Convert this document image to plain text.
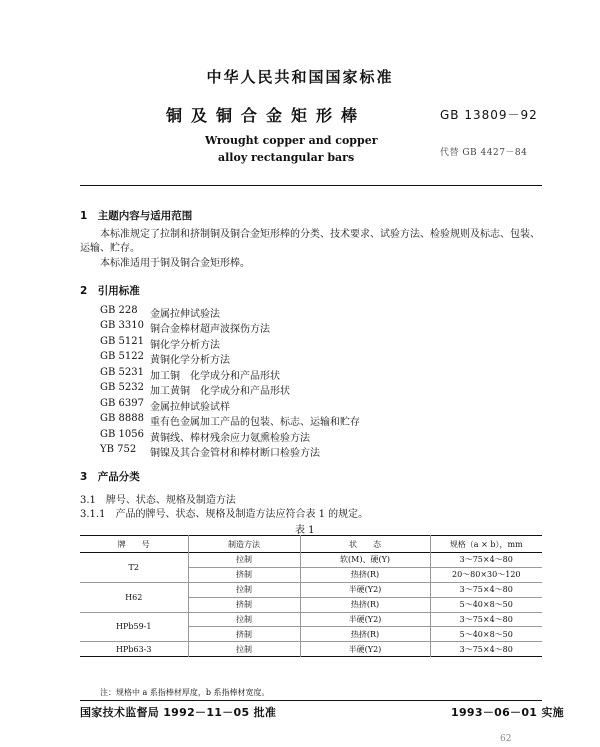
中华人民共和国国家标准
铜及铜合金矩形棒	GB 13809－92
Wrought copper and copper
alloy rectangular bars	代替 GB 4427－84
1　主题内容与适用范围
本标准规定了拉制和挤制铜及铜合金矩形棒的分类、技术要求、试验方法、检验规则及标志、包装、
运输、贮存。
本标准适用于铜及铜合金矩形棒。
2　引用标准
GB 228 金属拉伸试验法
GB 3310 铜合金棒材超声波探伤方法
GB 5121 铜化学分析方法
GB 5122 黄铜化学分析方法
GB 5231 加工铜　化学成分和产品形状
GB 5232 加工黄铜　化学成分和产品形状
GB 6397 金属拉伸试验试样
GB 8888 重有色金属加工产品的包装、标志、运输和贮存
GB 1056 黄铜线、棒材残余应力氨熏检验方法
YB 752 铜镍及其合金管材和棒材断口检验方法
3　产品分类
3.1　牌号、状态、规格及制造方法
3.1.1　产品的牌号、状态、规格及制造方法应符合表 1 的规定。
表 1
牌　　号	制造方法	状　　态	规格（a × b），mm
T2	拉制	软(M)、硬(Y)	3～75×4～80
	挤制	热挤(R)	20～80×30～120
H62	拉制	半硬(Y2)	3～75×4～80
	挤制	热挤(R)	5～40×8～50
HPb59-1	拉制	半硬(Y2)	3～75×4～80
	挤制	热挤(R)	5～40×8～50
HPb63-3	拉制	半硬(Y2)	3～75×4～80
注：规格中 a 系指棒材厚度，b 系指棒材宽度。
国家技术监督局 1992－11－05 批准	1993－06－01 实施
62
